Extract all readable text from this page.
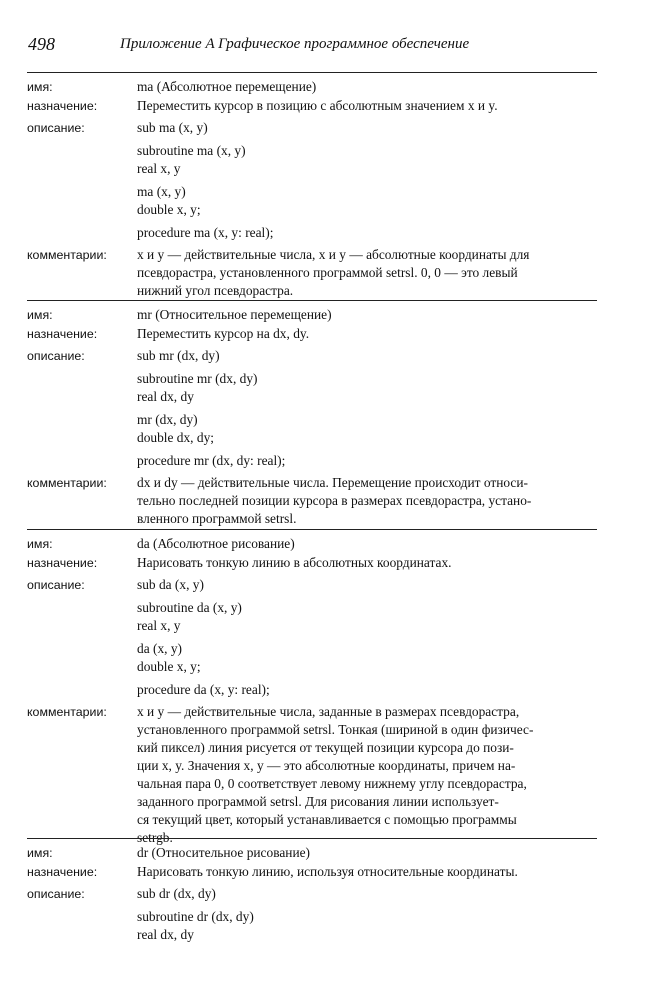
498	Приложение A Графическое программное обеспечение
имя:	ma (Абсолютное перемещение)
назначение:	Переместить курсор в позицию с абсолютным значением x и y.
описание:	sub ma (x, y)
subroutine ma (x, y)
real x, y
ma (x, y)
double x, y;
procedure ma (x, y: real);
комментарии:	x и y — действительные числа, x и y — абсолютные координаты для
псевдорастра, установленного программой setrsl. 0, 0 — это левый
нижний угол псевдорастра.
имя:	mr (Относительное перемещение)
назначение:	Переместить курсор на dx, dy.
описание:	sub mr (dx, dy)
subroutine mr (dx, dy)
real dx, dy
mr (dx, dy)
double dx, dy;
procedure mr (dx, dy: real);
комментарии:	dx и dy — действительные числа. Перемещение происходит относи-
тельно последней позиции курсора в размерах псевдорастра, устано-
вленного программой setrsl.
имя:	da (Абсолютное рисование)
назначение:	Нарисовать тонкую линию в абсолютных координатах.
описание:	sub da (x, y)
subroutine da (x, y)
real x, y
da (x, y)
double x, y;
procedure da (x, y: real);
комментарии:	x и y — действительные числа, заданные в размерах псевдорастра,
установленного программой setrsl. Тонкая (шириной в один физичес-
кий пиксел) линия рисуется от текущей позиции курсора до пози-
ции x, y. Значения x, y — это абсолютные координаты, причем на-
чальная пара 0, 0 соответствует левому нижнему углу псевдорастра,
заданного программой setrsl. Для рисования линии использует-
ся текущий цвет, который устанавливается с помощью программы
setrgb.
имя:	dr (Относительное рисование)
назначение:	Нарисовать тонкую линию, используя относительные координаты.
описание:	sub dr (dx, dy)
subroutine dr (dx, dy)
real dx, dy
